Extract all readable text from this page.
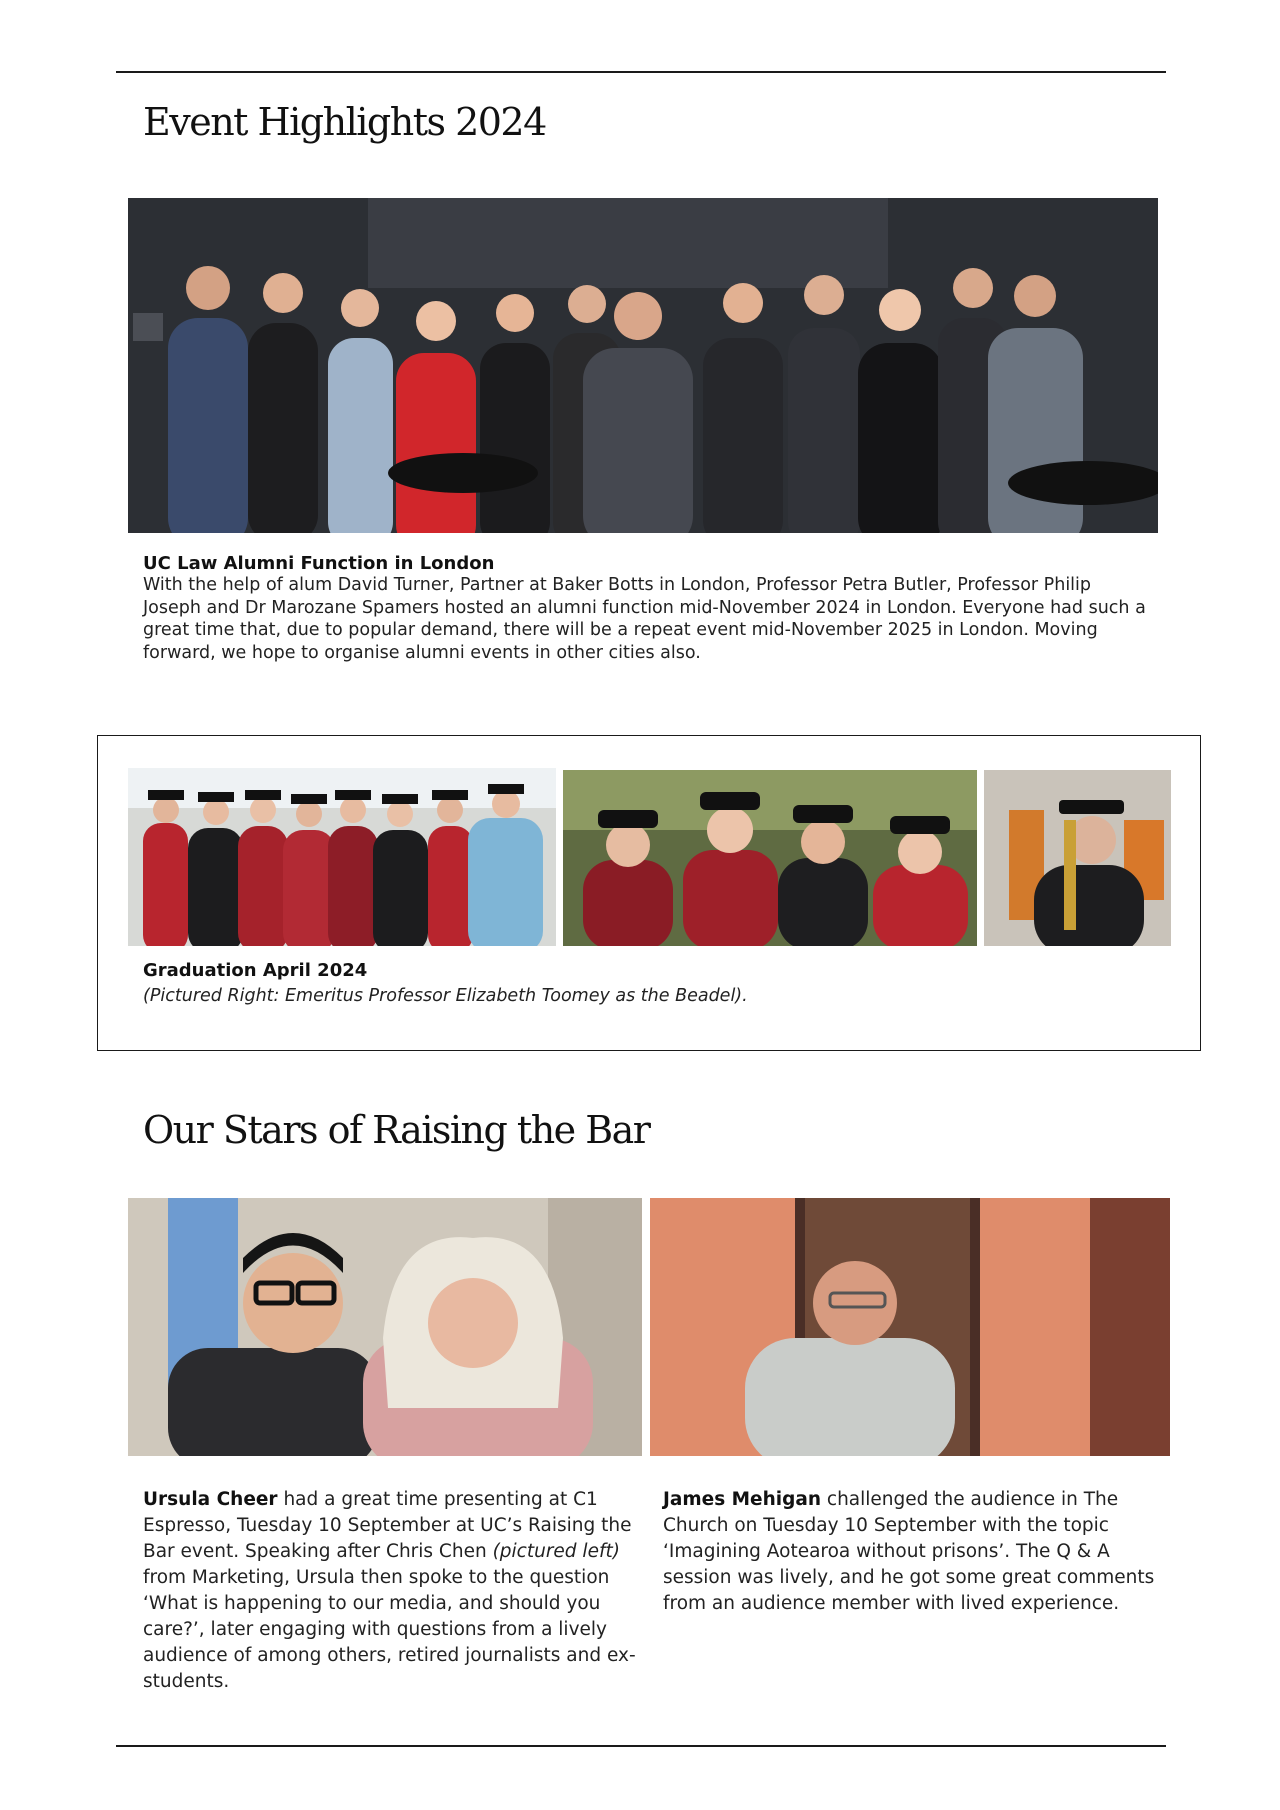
Event Highlights 2024
UC Law Alumni Function in London
With the help of alum David Turner, Partner at Baker Botts in London, Professor Petra Butler, Professor Philip Joseph and Dr Marozane Spamers hosted an alumni function mid-November 2024 in London. Everyone had such a great time that, due to popular demand, there will be a repeat event mid-November 2025 in London. Moving forward, we hope to organise alumni events in other cities also.
Graduation April 2024
(Pictured Right: Emeritus Professor Elizabeth Toomey as the Beadel).
Our Stars of Raising the Bar
Ursula Cheer had a great time presenting at C1 Espresso, Tuesday 10 September at UC’s Raising the Bar event. Speaking after Chris Chen (pictured left) from Marketing, Ursula then spoke to the question ‘What is happening to our media, and should you care?’, later engaging with questions from a lively audience of among others, retired journalists and ex-students.
James Mehigan challenged the audience in The Church on Tuesday 10 September with the topic ‘Imagining Aotearoa without prisons’. The Q & A session was lively, and he got some great comments from an audience member with lived experience.
